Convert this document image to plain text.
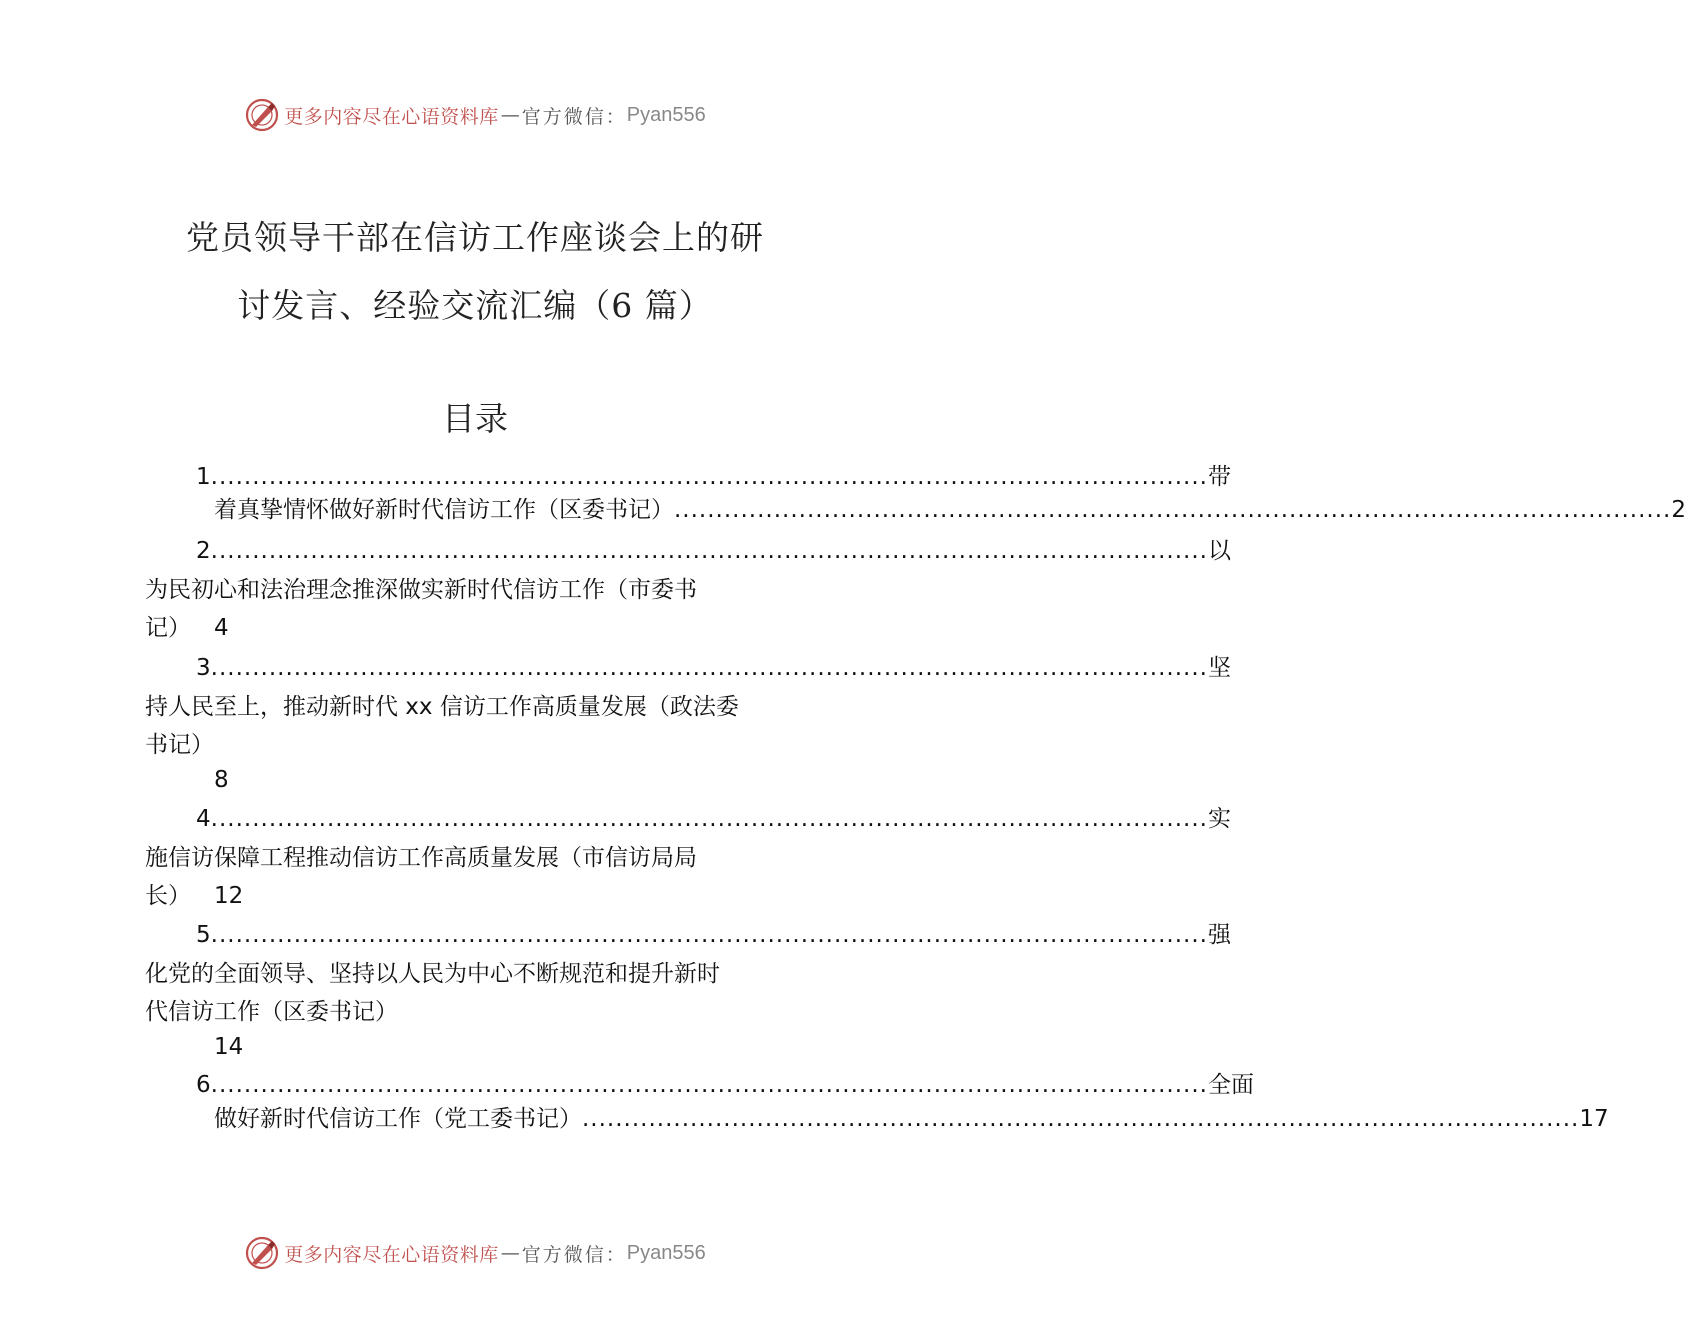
更多内容尽在心语资料库 — 官方微信： Pyan556
党员领导干部在信访工作座谈会上的研
讨发言、经验交流汇编（6 篇）
目录
1 ........................................................................................................................ 带
着真挚情怀做好新时代信访工作（区委书记） ........................................................................................................................ 2
2 ........................................................................................................................ 以
为民初心和法治理念推深做实新时代信访工作（市委书
记） 4
3 ........................................................................................................................ 坚
持人民至上，推动新时代 xx 信访工作高质量发展（政法委
书记）
8
4 ........................................................................................................................ 实
施信访保障工程推动信访工作高质量发展（市信访局局
长） 12
5 ........................................................................................................................ 强
化党的全面领导、坚持以人民为中心不断规范和提升新时
代信访工作（区委书记）
14
6 ........................................................................................................................ 全面
做好新时代信访工作（党工委书记） ........................................................................................................................ 17
更多内容尽在心语资料库 — 官方微信： Pyan556
